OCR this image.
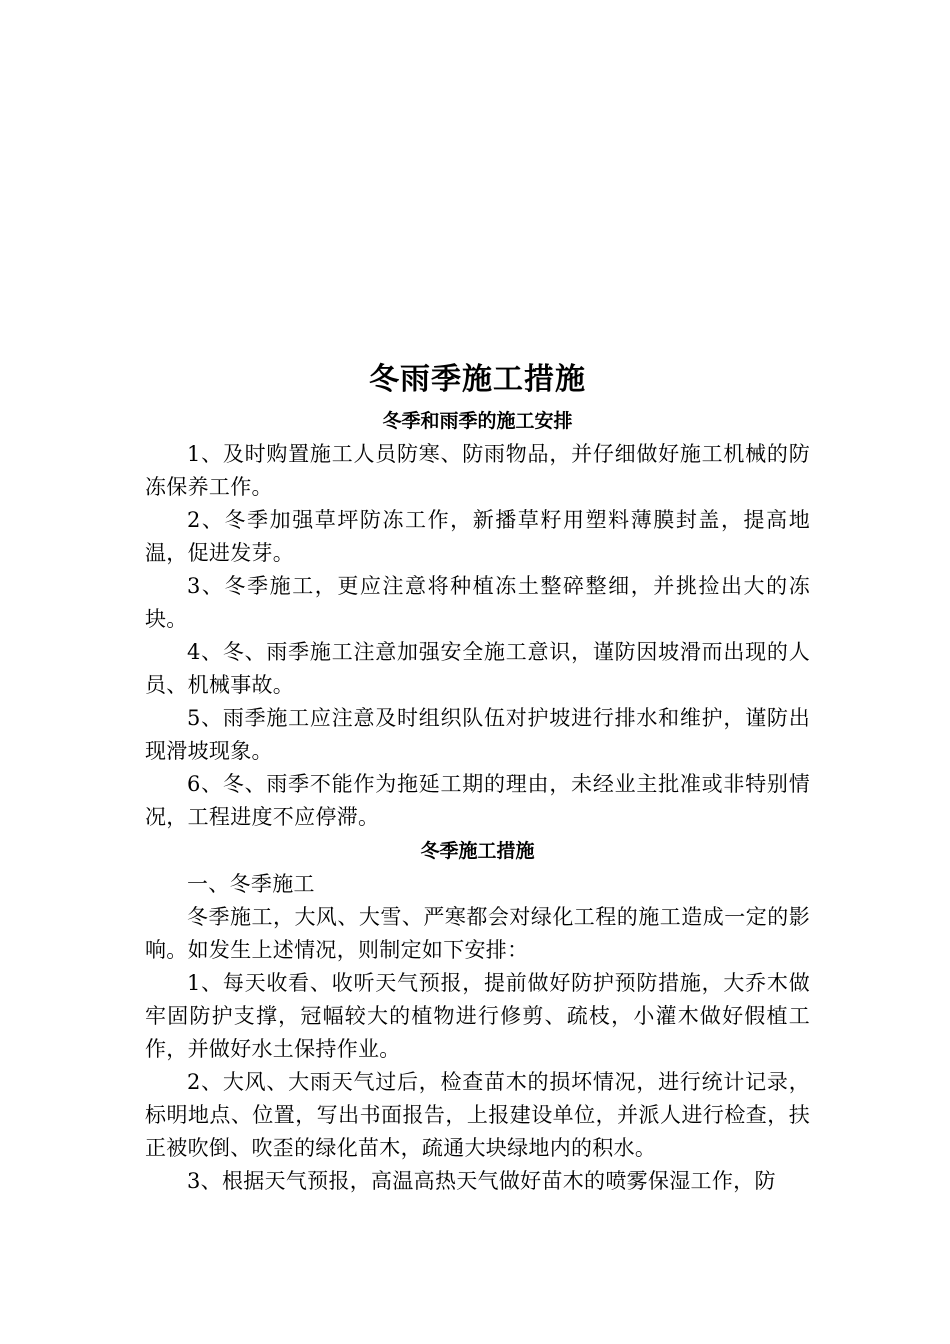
冬雨季施工措施
冬季和雨季的施工安排

1、及时购置施工人员防寒、防雨物品，并仔细做好施工机械的防冻保养工作。

2、冬季加强草坪防冻工作，新播草籽用塑料薄膜封盖，提高地温，促进发芽。

3、冬季施工，更应注意将种植冻土整碎整细，并挑捡出大的冻块。

4、冬、雨季施工注意加强安全施工意识，谨防因坡滑而出现的人员、机械事故。

5、雨季施工应注意及时组织队伍对护坡进行排水和维护，谨防出现滑坡现象。

6、冬、雨季不能作为拖延工期的理由，未经业主批准或非特别情况，工程进度不应停滞。

冬季施工措施

一、冬季施工

冬季施工，大风、大雪、严寒都会对绿化工程的施工造成一定的影响。如发生上述情况，则制定如下安排：

1、每天收看、收听天气预报，提前做好防护预防措施，大乔木做牢固防护支撑，冠幅较大的植物进行修剪、疏枝，小灌木做好假植工作，并做好水土保持作业。

2、大风、大雨天气过后，检查苗木的损坏情况，进行统计记录，标明地点、位置，写出书面报告，上报建设单位，并派人进行检查，扶正被吹倒、吹歪的绿化苗木，疏通大块绿地内的积水。

3、根据天气预报，高温高热天气做好苗木的喷雾保湿工作，防
